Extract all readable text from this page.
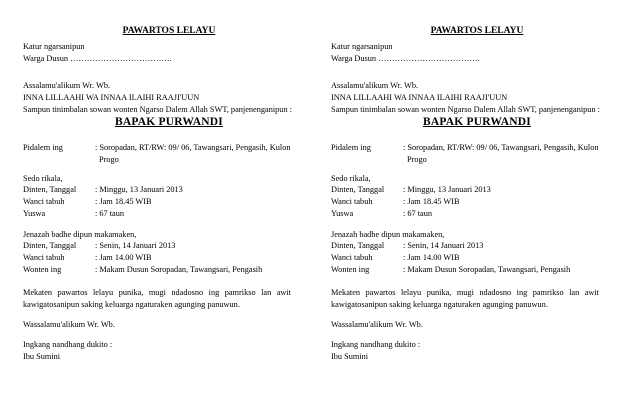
PAWARTOS LELAYU
Katur ngarsanipun
Warga Dusun ……………………………….
Assalamu'alikum Wr. Wb.
INNA LILLAAHI WA INNAA ILAIHI RAAJI'UUN
Sampun tinimbalan sowan wonten Ngarso Dalem Allah SWT, panjenenganipun :
BAPAK PURWANDI
Pidalem ing	: Soropadan, RT/RW: 09/ 06, Tawangsari, Pengasih, Kulon
Progo
Sedo rikala,
Dinten, Tanggal : Minggu, 13 Januari 2013
Wanci tabuh	: Jam 18.45 WIB
Yuswa	: 67 taun
Jenazah badhe dipun makamaken,
Dinten, Tanggal : Senin, 14 Januari 2013
Wanci tabuh	: Jam 14.00 WIB
Wonten ing	: Makam Dusun Soropadan, Tawangsari, Pengasih
Mekaten pawartos lelayu punika, mugi ndadosno ing pamrikso lan awit
kawigatosanipun saking keluarga ngaturaken agunging panuwun.
Wassalamu'alikum Wr. Wb.
Ingkang nandhang dukito :
Ibu Sumini
PAWARTOS LELAYU
Katur ngarsanipun
Warga Dusun ……………………………….
Assalamu'alikum Wr. Wb.
INNA LILLAAHI WA INNAA ILAIHI RAAJI'UUN
Sampun tinimbalan sowan wonten Ngarso Dalem Allah SWT, panjenenganipun :
BAPAK PURWANDI
Pidalem ing	: Soropadan, RT/RW: 09/ 06, Tawangsari, Pengasih, Kulon
Progo
Sedo rikala,
Dinten, Tanggal : Minggu, 13 Januari 2013
Wanci tabuh	: Jam 18.45 WIB
Yuswa	: 67 taun
Jenazah badhe dipun makamaken,
Dinten, Tanggal : Senin, 14 Januari 2013
Wanci tabuh	: Jam 14.00 WIB
Wonten ing	: Makam Dusun Soropadan, Tawangsari, Pengasih
Mekaten pawartos lelayu punika, mugi ndadosno ing pamrikso lan awit
kawigatosanipun saking keluarga ngaturaken agunging panuwun.
Wassalamu'alikum Wr. Wb.
Ingkang nandhang dukito :
Ibu Sumini
